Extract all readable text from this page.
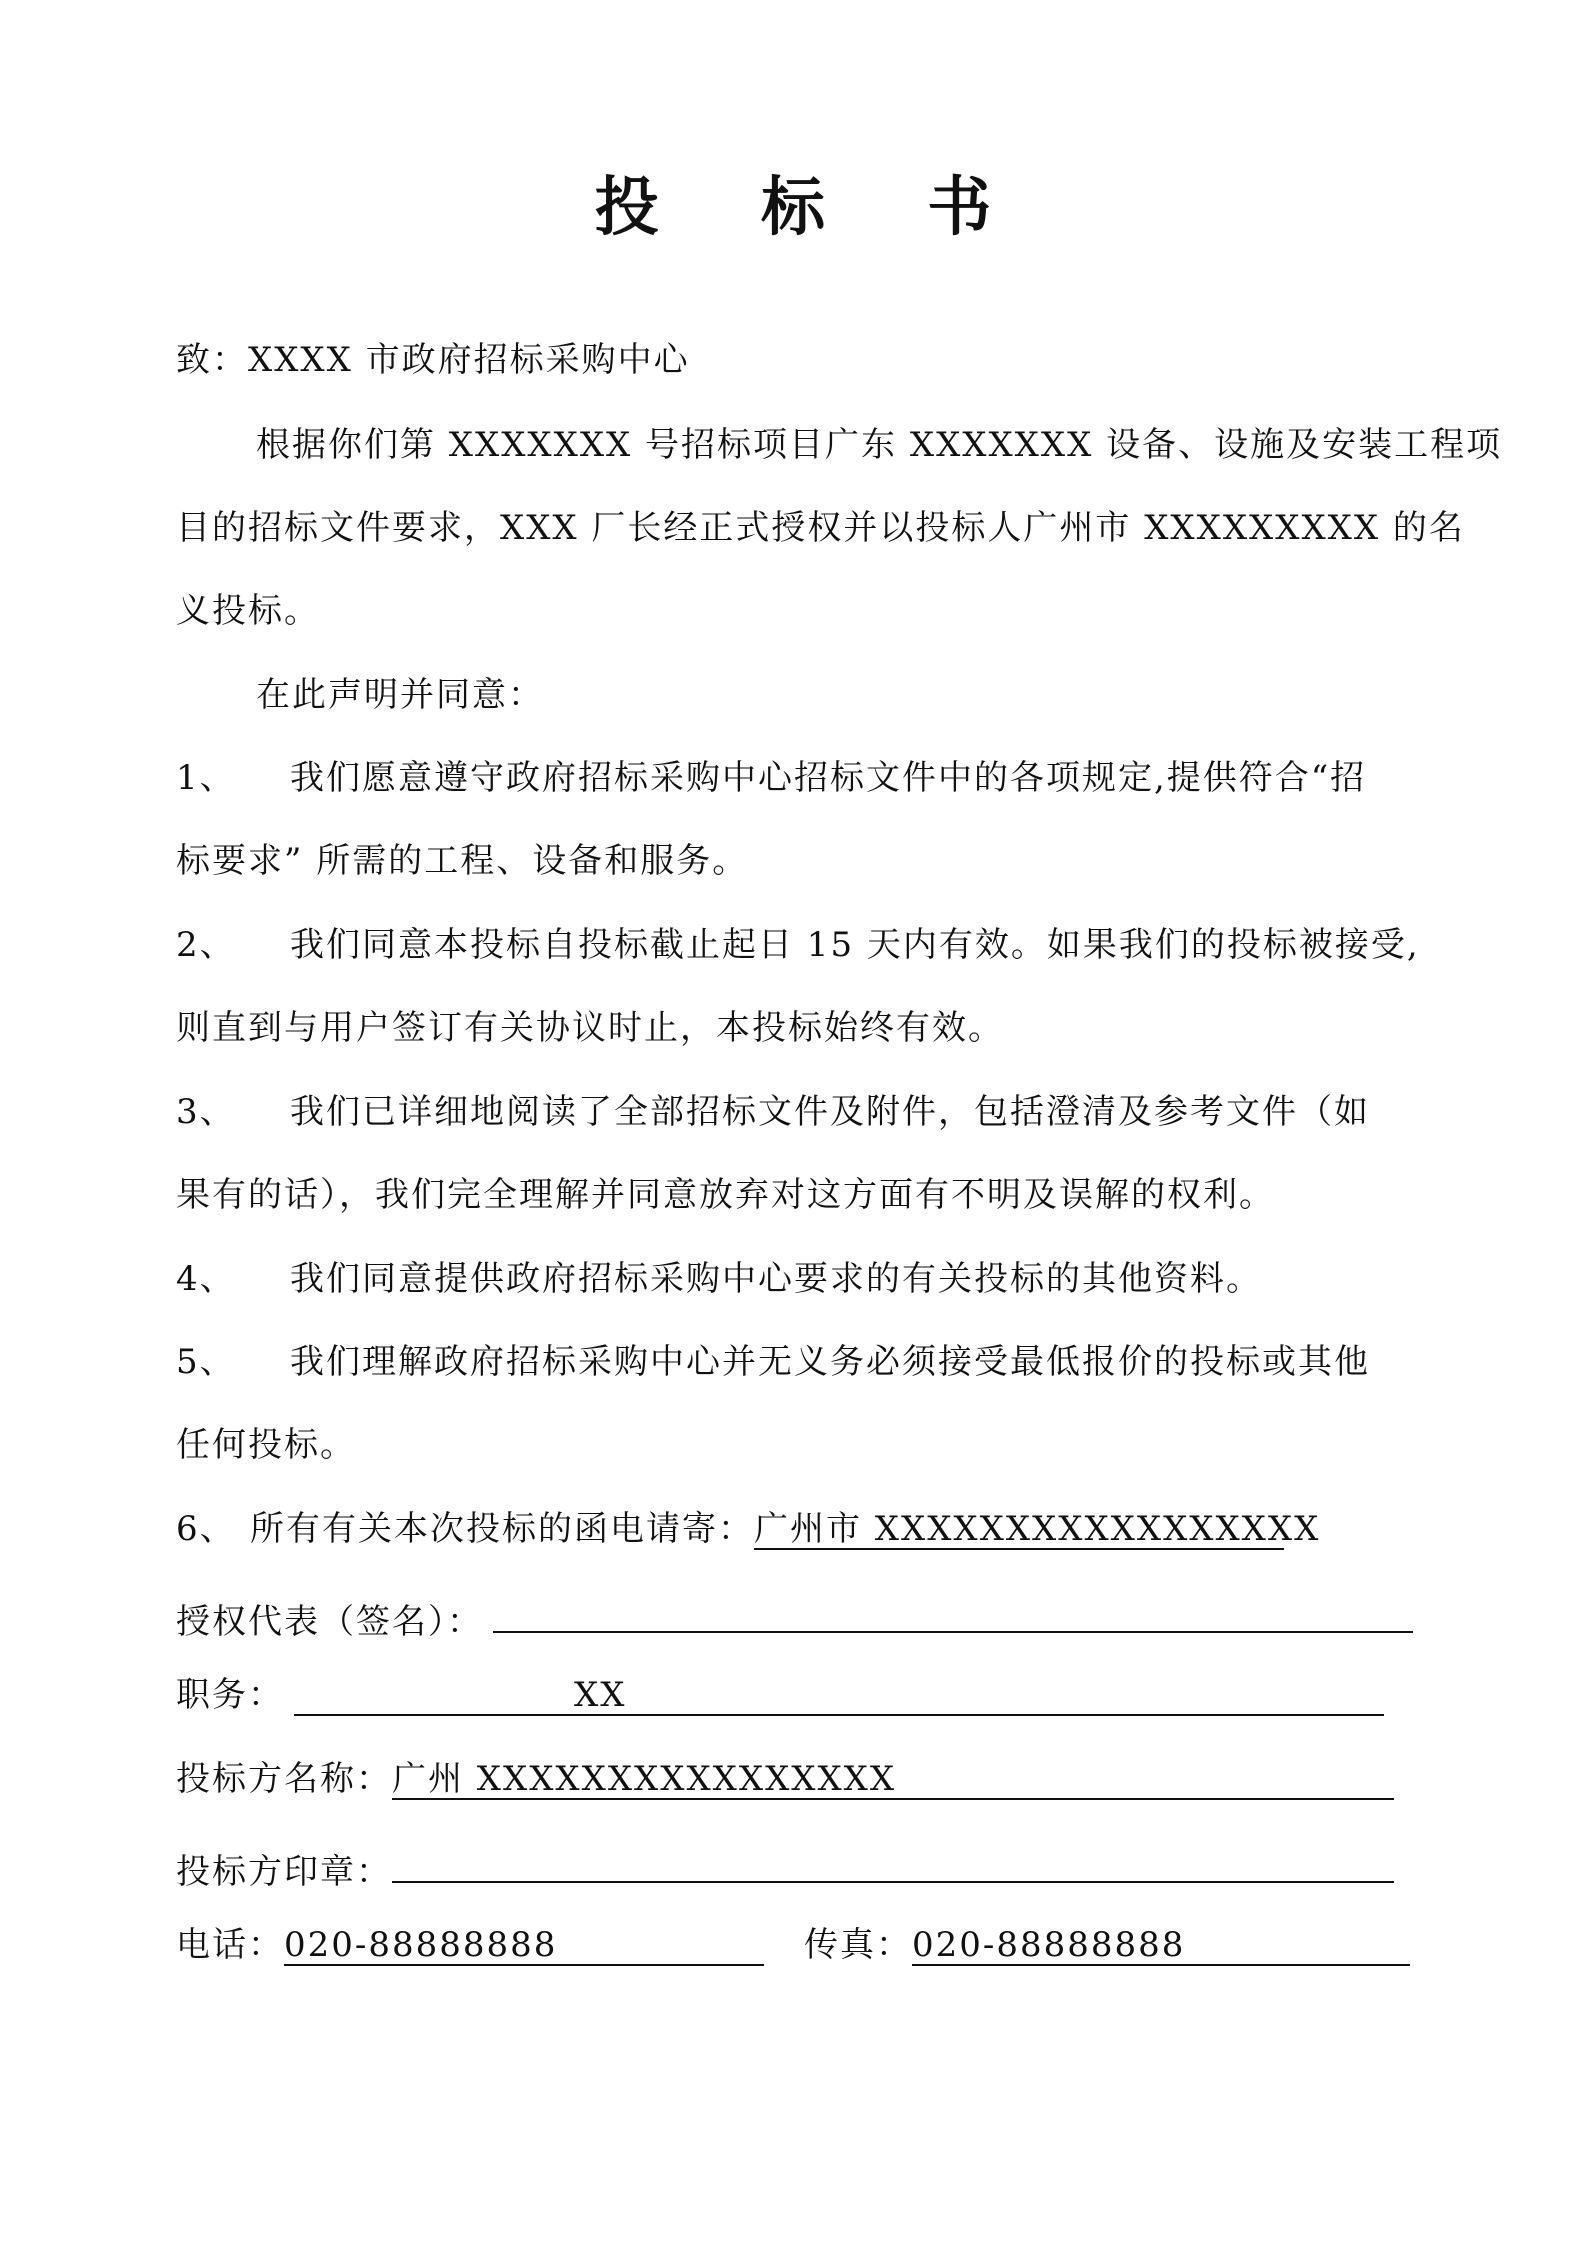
投 标 书
致：XXXX 市政府招标采购中心
根据你们第 XXXXXXX 号招标项目广东 XXXXXXX 设备、设施及安装工程项
目的招标文件要求，XXX 厂长经正式授权并以投标人广州市 XXXXXXXXX 的名
义投标。
在此声明并同意：
1、 我们愿意遵守政府招标采购中心招标文件中的各项规定,提供符合“招
标要求” 所需的工程、设备和服务。
2、 我们同意本投标自投标截止起日 15 天内有效。如果我们的投标被接受,
则直到与用户签订有关协议时止，本投标始终有效。
3、 我们已详细地阅读了全部招标文件及附件，包括澄清及参考文件（如
果有的话），我们完全理解并同意放弃对这方面有不明及误解的权利。
4、 我们同意提供政府招标采购中心要求的有关投标的其他资料。
5、 我们理解政府招标采购中心并无义务必须接受最低报价的投标或其他
任何投标。
6、 所有有关本次投标的函电请寄：广州市 XXXXXXXXXXXXXXXXX
授权代表（签名）：
职务：	XX
投标方名称：广州 XXXXXXXXXXXXXXXX
投标方印章：
电话：020-88888888	传真：020-88888888
